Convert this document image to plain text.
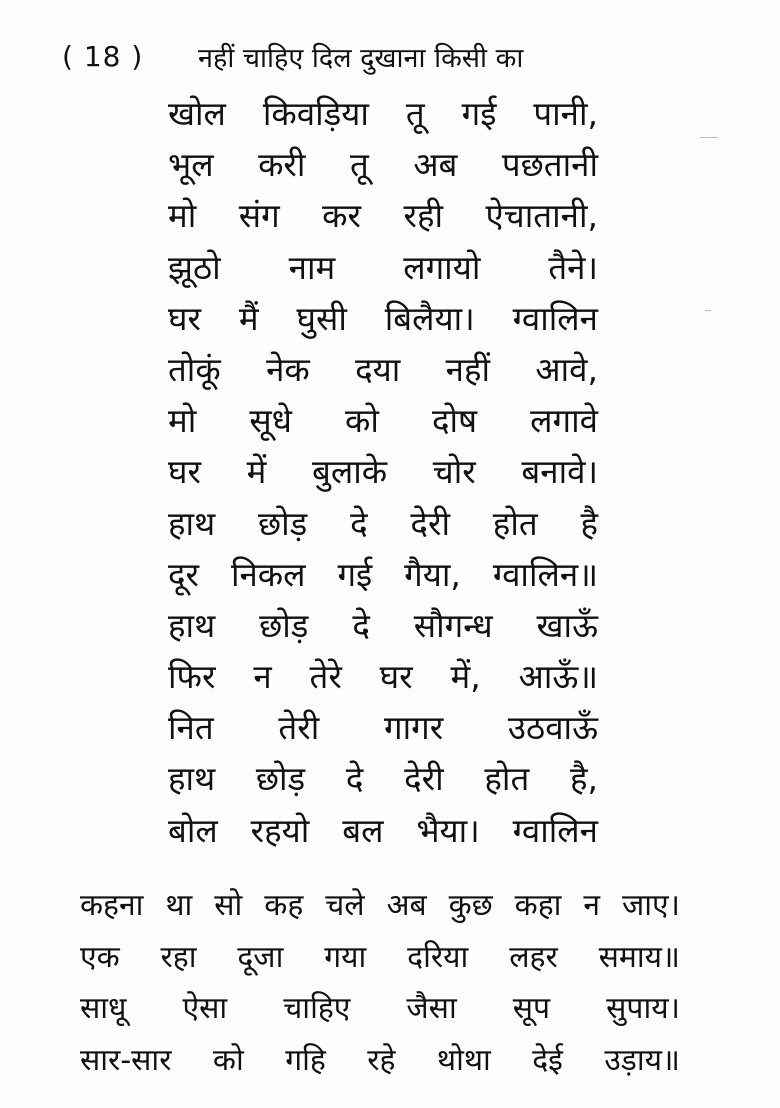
( 18 ) नहीं चाहिए दिल दुखाना किसी का
खोल किवड़िया तू गई पानी,
भूल करी तू अब पछतानी
मो संग कर रही ऐचातानी,
झूठो नाम लगायो तैने।
घर मैं घुसी बिलैया। ग्वालिन
तोकूं नेक दया नहीं आवे,
मो सूधे को दोष लगावे
घर में बुलाके चोर बनावे।
हाथ छोड़ दे देरी होत है
दूर निकल गई गैया, ग्वालिन॥
हाथ छोड़ दे सौगन्ध खाऊँ
फिर न तेरे घर में, आऊँ॥
नित तेरी गागर उठवाऊँ
हाथ छोड़ दे देरी होत है,
बोल रहयो बल भैया। ग्वालिन
कहना था सो कह चले अब कुछ कहा न जाए।
एक रहा दूजा गया दरिया लहर समाय॥
साधू ऐसा चाहिए जैसा सूप सुपाय।
सार-सार को गहि रहे थोथा देई उड़ाय॥
